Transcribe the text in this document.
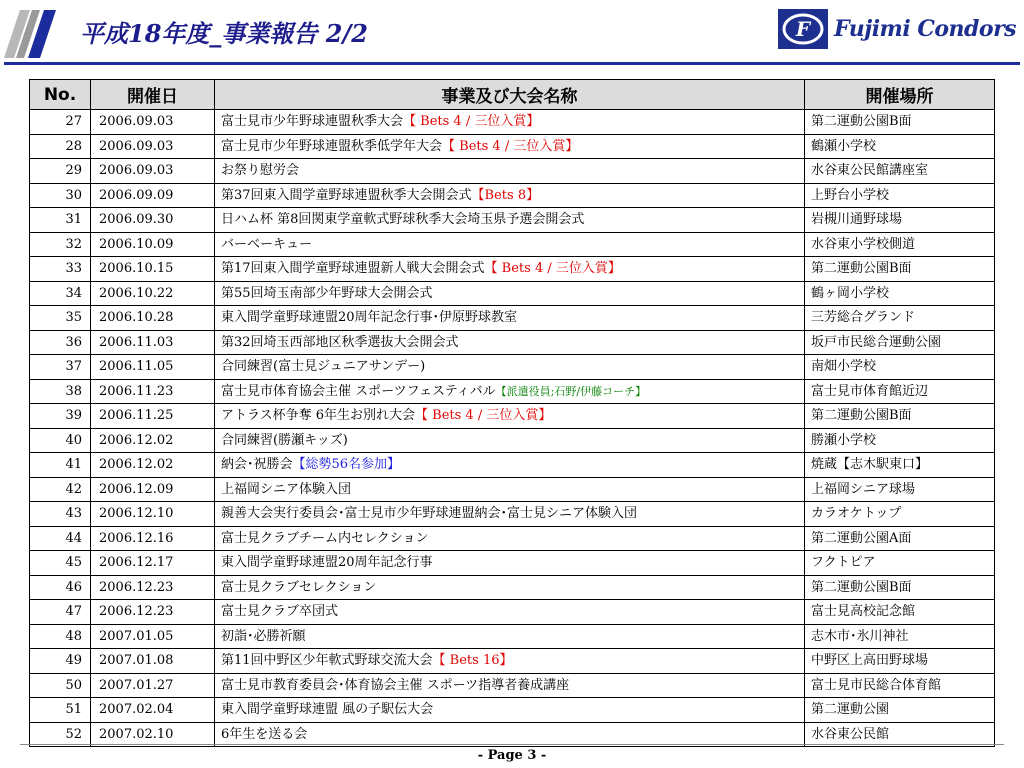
平成18年度_事業報告 2/2	F Fujimi Condors
No.	開催日	事業及び大会名称	開催場所
27	2006.09.03	富士見市少年野球連盟秋季大会【 Bets 4 / 三位入賞】	第二運動公園B面
28	2006.09.03	富士見市少年野球連盟秋季低学年大会【 Bets 4 / 三位入賞】	鶴瀬小学校
29	2006.09.03	お祭り慰労会	水谷東公民館講座室
30	2006.09.09	第37回東入間学童野球連盟秋季大会開会式【Bets 8】	上野台小学校
31	2006.09.30	日ハム杯 第8回関東学童軟式野球秋季大会埼玉県予選会開会式	岩槻川通野球場
32	2006.10.09	バーベーキュー	水谷東小学校側道
33	2006.10.15	第17回東入間学童野球連盟新人戦大会開会式【 Bets 4 / 三位入賞】	第二運動公園B面
34	2006.10.22	第55回埼玉南部少年野球大会開会式	鶴ヶ岡小学校
35	2006.10.28	東入間学童野球連盟20周年記念行事･伊原野球教室	三芳総合グランド
36	2006.11.03	第32回埼玉西部地区秋季選抜大会開会式	坂戸市民総合運動公園
37	2006.11.05	合同練習(富士見ジュニアサンデー)	南畑小学校
38	2006.11.23	富士見市体育協会主催 スポーツフェスティバル【派遣役員;石野/伊藤コーチ】	富士見市体育館近辺
39	2006.11.25	アトラス杯争奪 6年生お別れ大会【 Bets 4 / 三位入賞】	第二運動公園B面
40	2006.12.02	合同練習(勝瀬キッズ)	勝瀬小学校
41	2006.12.02	納会･祝勝会【総勢56名参加】	焼蔵【志木駅東口】
42	2006.12.09	上福岡シニア体験入団	上福岡シニア球場
43	2006.12.10	親善大会実行委員会･富士見市少年野球連盟納会･富士見シニア体験入団	カラオケトップ
44	2006.12.16	富士見クラブチーム内セレクション	第二運動公園A面
45	2006.12.17	東入間学童野球連盟20周年記念行事	フクトピア
46	2006.12.23	富士見クラブセレクション	第二運動公園B面
47	2006.12.23	富士見クラブ卒団式	富士見高校記念館
48	2007.01.05	初詣･必勝祈願	志木市･氷川神社
49	2007.01.08	第11回中野区少年軟式野球交流大会【 Bets 16】	中野区上高田野球場
50	2007.01.27	富士見市教育委員会･体育協会主催 スポーツ指導者養成講座	富士見市民総合体育館
51	2007.02.04	東入間学童野球連盟 風の子駅伝大会	第二運動公園
52	2007.02.10	6年生を送る会	水谷東公民館
- Page 3 -
